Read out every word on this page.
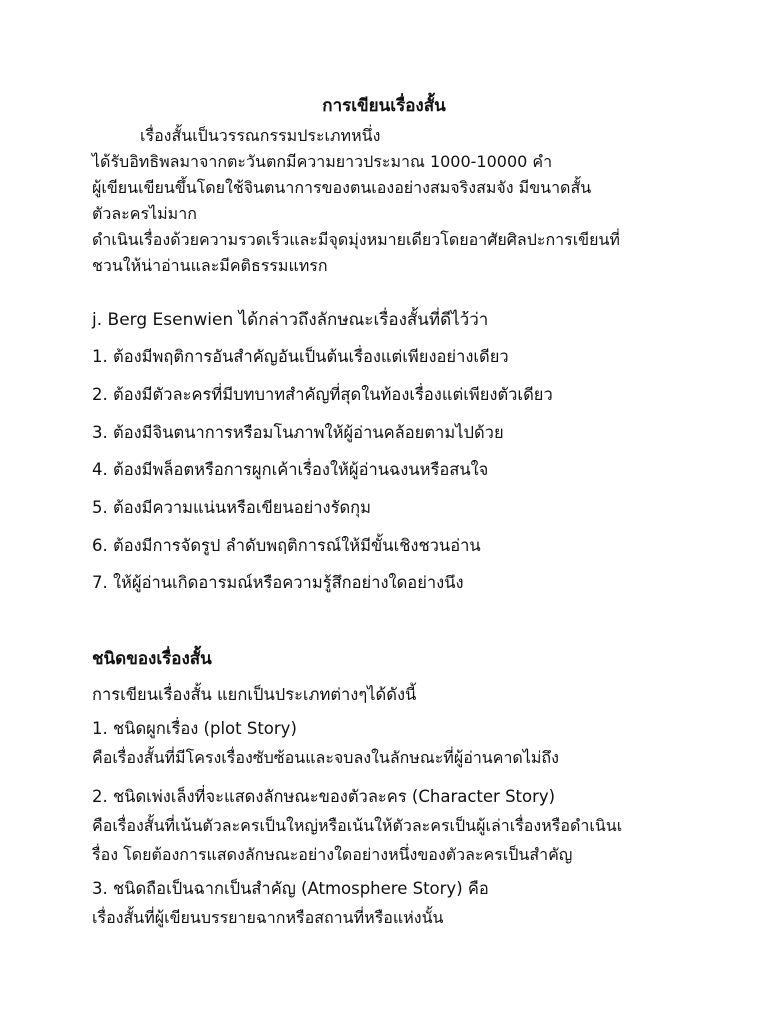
การเขียนเรื่องสั้น
เรื่องสั้นเป็นวรรณกรรมประเภทหนึ่ง
ได้รับอิทธิพลมาจากตะวันตกมีความยาวประมาณ 1000-10000 คำ
ผู้เขียนเขียนขึ้นโดยใช้จินตนาการของตนเองอย่างสมจริงสมจัง มีขนาดสั้น
ตัวละครไม่มาก
ดำเนินเรื่องด้วยความรวดเร็วและมีจุดมุ่งหมายเดียวโดยอาศัยศิลปะการเขียนที่
ชวนให้น่าอ่านและมีคติธรรมแทรก
j. Berg Esenwien ได้กล่าวถึงลักษณะเรื่องสั้นที่ดีไว้ว่า
1. ต้องมีพฤติการอันสำคัญอันเป็นต้นเรื่องแต่เพียงอย่างเดียว
2. ต้องมีตัวละครที่มีบทบาทสำคัญที่สุดในท้องเรื่องแต่เพียงตัวเดียว
3. ต้องมีจินตนาการหรือมโนภาพให้ผู้อ่านคล้อยตามไปด้วย
4. ต้องมีพล็อตหรือการผูกเค้าเรื่องให้ผู้อ่านฉงนหรือสนใจ
5. ต้องมีความแน่นหรือเขียนอย่างรัดกุม
6. ต้องมีการจัดรูป ลำดับพฤติการณ์ให้มีขั้นเชิงชวนอ่าน
7. ให้ผู้อ่านเกิดอารมณ์หรือความรู้สึกอย่างใดอย่างนึง
ชนิดของเรื่องสั้น
การเขียนเรื่องสั้น แยกเป็นประเภทต่างๆได้ดังนี้
1. ชนิดผูกเรื่อง (plot Story)
คือเรื่องสั้นที่มีโครงเรื่องซับซ้อนและจบลงในลักษณะที่ผู้อ่านคาดไม่ถึง
2. ชนิดเพ่งเล็งที่จะแสดงลักษณะของตัวละคร (Character Story)
คือเรื่องสั้นที่เน้นตัวละครเป็นใหญ่หรือเน้นให้ตัวละครเป็นผู้เล่าเรื่องหรือดำเนินเ
รื่อง โดยต้องการแสดงลักษณะอย่างใดอย่างหนึ่งของตัวละครเป็นสำคัญ
3. ชนิดถือเป็นฉากเป็นสำคัญ (Atmosphere Story) คือ
เรื่องสั้นที่ผู้เขียนบรรยายฉากหรือสถานที่หรือแห่งนั้น
